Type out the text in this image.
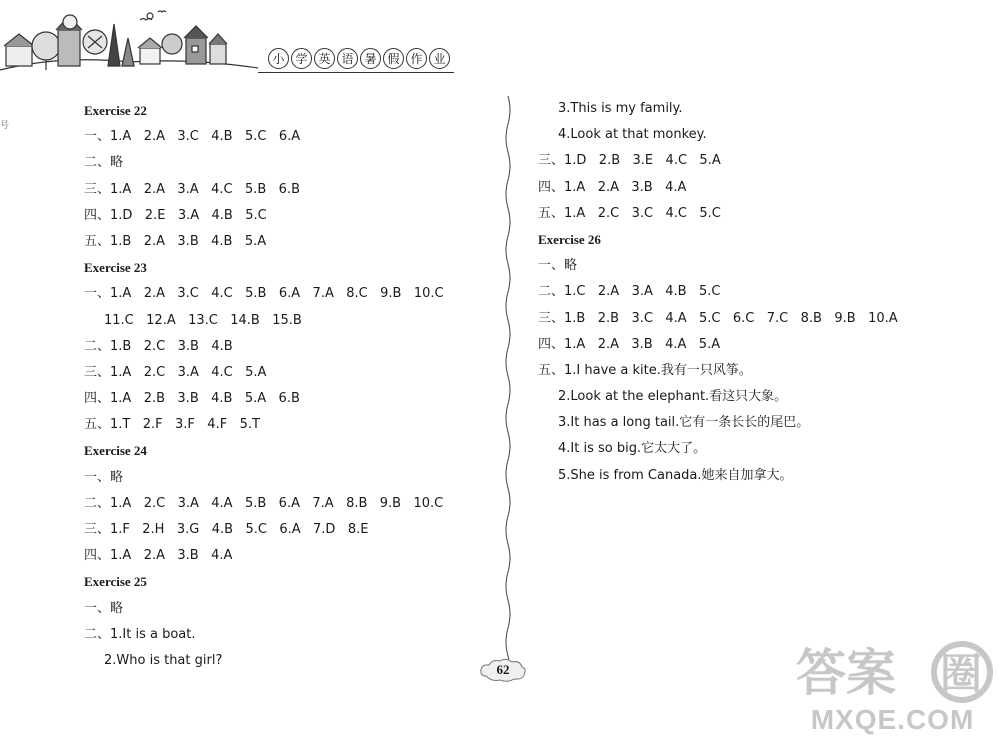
小 学 英 语 暑 假 作 业
号
Exercise 22
一、1.A   2.A   3.C   4.B   5.C   6.A
二、略
三、1.A   2.A   3.A   4.C   5.B   6.B
四、1.D   2.E   3.A   4.B   5.C
五、1.B   2.A   3.B   4.B   5.A
Exercise 23
一、1.A   2.A   3.C   4.C   5.B   6.A   7.A   8.C   9.B   10.C
11.C   12.A   13.C   14.B   15.B
二、1.B   2.C   3.B   4.B
三、1.A   2.C   3.A   4.C   5.A
四、1.A   2.B   3.B   4.B   5.A   6.B
五、1.T   2.F   3.F   4.F   5.T
Exercise 24
一、略
二、1.A   2.C   3.A   4.A   5.B   6.A   7.A   8.B   9.B   10.C
三、1.F   2.H   3.G   4.B   5.C   6.A   7.D   8.E
四、1.A   2.A   3.B   4.A
Exercise 25
一、略
二、1.It is a boat.
2.Who is that girl?
3.This is my family.
4.Look at that monkey.
三、1.D   2.B   3.E   4.C   5.A
四、1.A   2.A   3.B   4.A
五、1.A   2.C   3.C   4.C   5.C
Exercise 26
一、略
二、1.C   2.A   3.A   4.B   5.C
三、1.B   2.B   3.C   4.A   5.C   6.C   7.C   8.B   9.B   10.A
四、1.A   2.A   3.B   4.A   5.A
五、1.I have a kite.我有一只风筝。
2.Look at the elephant.看这只大象。
3.It has a long tail.它有一条长长的尾巴。
4.It is so big.它太大了。
5.She is from Canada.她来自加拿大。
62	答案 圈
MXQE.COM
